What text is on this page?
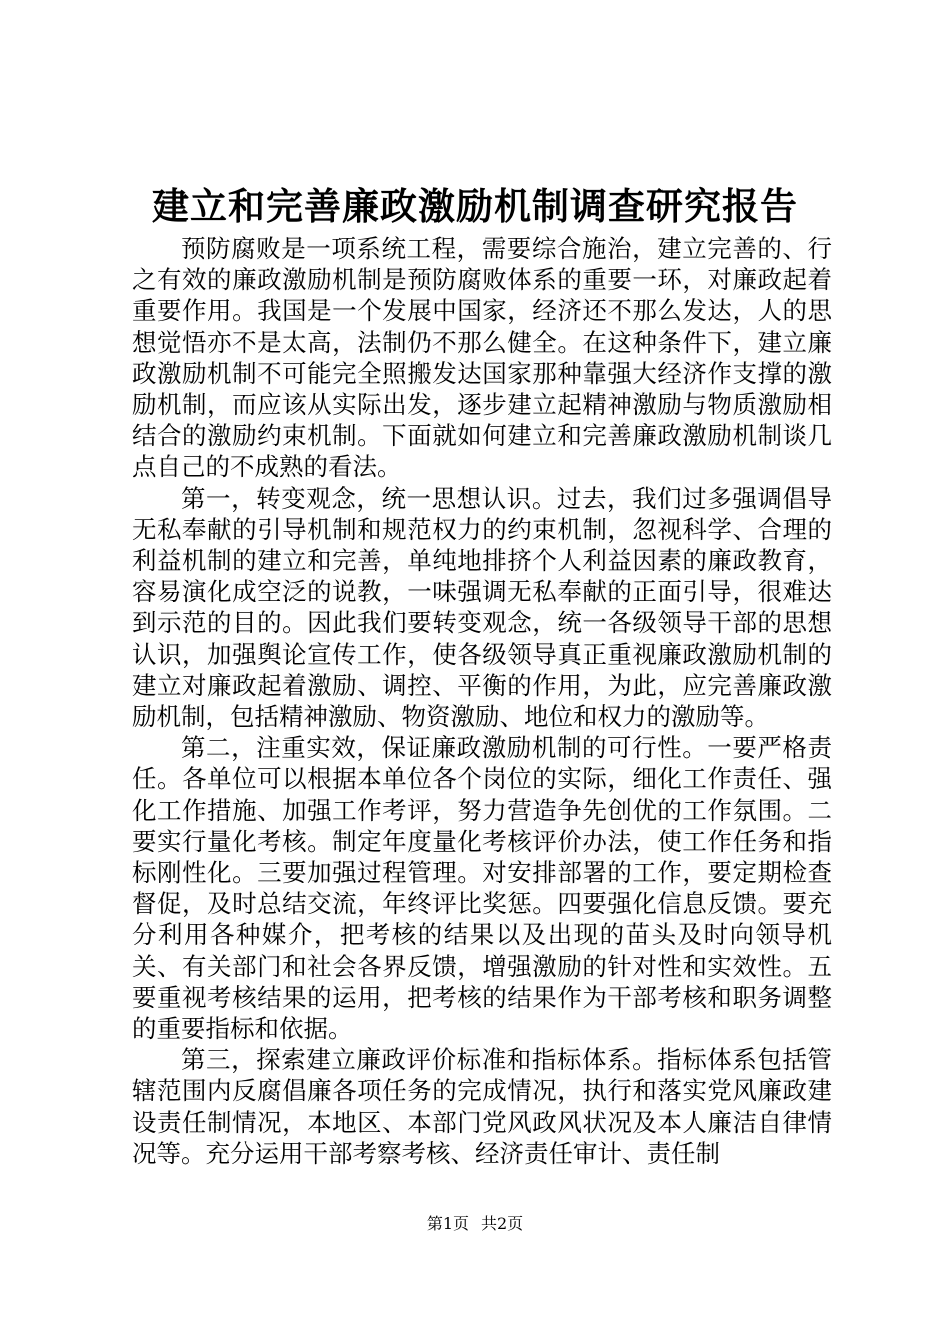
建立和完善廉政激励机制调查研究报告

预防腐败是一项系统工程，需要综合施治，建立完善的、行之有效的廉政激励机制是预防腐败体系的重要一环，对廉政起着重要作用。我国是一个发展中国家，经济还不那么发达，人的思想觉悟亦不是太高，法制仍不那么健全。在这种条件下，建立廉政激励机制不可能完全照搬发达国家那种靠强大经济作支撑的激励机制，而应该从实际出发，逐步建立起精神激励与物质激励相结合的激励约束机制。下面就如何建立和完善廉政激励机制谈几点自己的不成熟的看法。

第一，转变观念，统一思想认识。过去，我们过多强调倡导无私奉献的引导机制和规范权力的约束机制，忽视科学、合理的利益机制的建立和完善，单纯地排挤个人利益因素的廉政教育，容易演化成空泛的说教，一味强调无私奉献的正面引导，很难达到示范的目的。因此我们要转变观念，统一各级领导干部的思想认识，加强舆论宣传工作，使各级领导真正重视廉政激励机制的建立对廉政起着激励、调控、平衡的作用，为此，应完善廉政激励机制，包括精神激励、物资激励、地位和权力的激励等。

第二，注重实效，保证廉政激励机制的可行性。一要严格责任。各单位可以根据本单位各个岗位的实际，细化工作责任、强化工作措施、加强工作考评，努力营造争先创优的工作氛围。二要实行量化考核。制定年度量化考核评价办法，使工作任务和指标刚性化。三要加强过程管理。对安排部署的工作，要定期检查督促，及时总结交流，年终评比奖惩。四要强化信息反馈。要充分利用各种媒介，把考核的结果以及出现的苗头及时向领导机关、有关部门和社会各界反馈，增强激励的针对性和实效性。五要重视考核结果的运用，把考核的结果作为干部考核和职务调整的重要指标和依据。

第三，探索建立廉政评价标准和指标体系。指标体系包括管辖范围内反腐倡廉各项任务的完成情况，执行和落实党风廉政建设责任制情况，本地区、本部门党风政风状况及本人廉洁自律情况等。充分运用干部考察考核、经济责任审计、责任制

第1页 共2页
